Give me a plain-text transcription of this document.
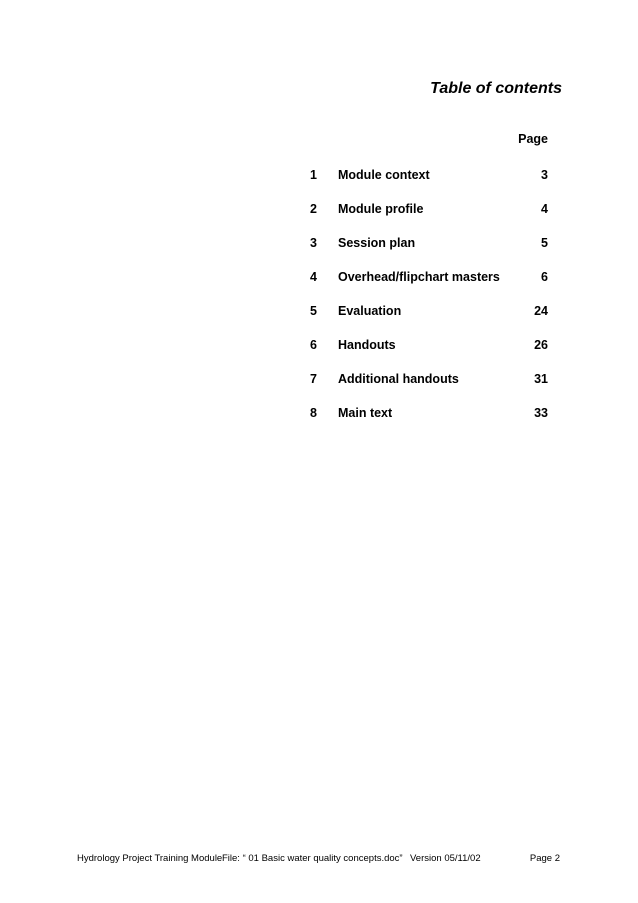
Table of contents
Page
1 Module context	3
2 Module profile	4
3 Session plan	5
4 Overhead/flipchart masters	6
5 Evaluation	24
6 Handouts	26
7 Additional handouts	31
8 Main text	33
Hydrology Project Training Module File: “ 01 Basic water quality concepts.doc” Version 05/11/02	Page 2
